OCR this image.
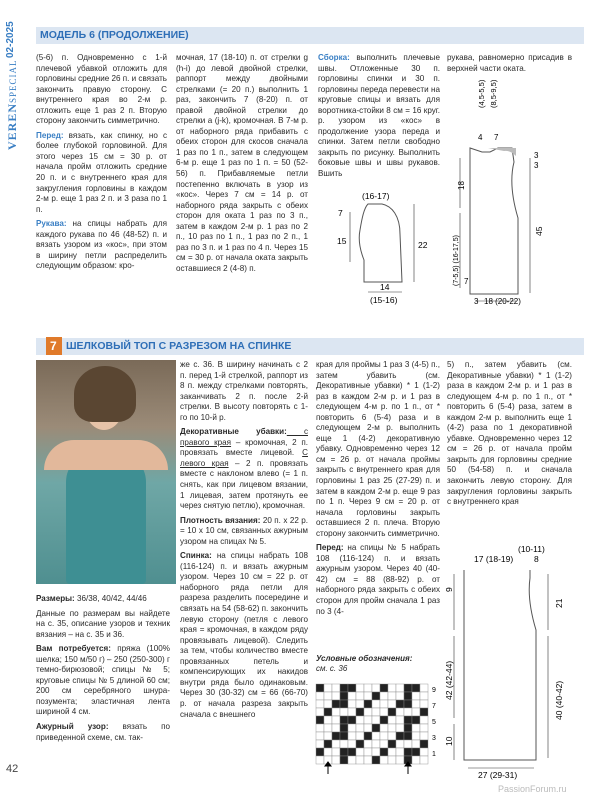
VERENSPECIAL
02-2025
42
PassionForum.ru
МОДЕЛЬ 6 (ПРОДОЛЖЕНИЕ)

(5-6) п. Одновременно с 1-й плечевой убавкой отложить для горловины средние 26 п. и связать закончить правую сторону. С внутреннего края во 2-м р. отложить еще 1 раз 2 п. Вторую сторону закончить симметрично.

Перед: вязать, как спинку, но с более глубокой горловиной. Для этого через 15 см = 30 р. от начала пройм отложить средние 20 п. и с внутреннего края для закругления горловины в каждом 2-м р. еще 1 раз 2 п. и 3 раза по 1 п.

Рукава: на спицы набрать для каждого рукава по 46 (48-52) п. и вязать узором из «кос», при этом в ширину петли распределить следующим образом: кро-

мочная, 17 (18-10) п. от стрелки g (h-i) до левой двойной стрелки, раппорт между двойными стрелками (= 20 п.) выполнить 1 раз, закончить 7 (8-20) п. от правой двойной стрелки до стрелки а (j-k), кромочная. В 7-м р. от наборного ряда прибавить с обеих сторон для скосов сначала 1 раз по 1 п., затем в следующем 6-м р. еще 1 раз по 1 п. = 50 (52-56) п. Прибавляемые петли постепенно включать в узор из «кос». Через 7 см = 14 р. от наборного ряда закрыть с обеих сторон для оката 1 раз по 3 п., затем в каждом 2-м р. 1 раз по 2 п., 10 раз по 1 п., 1 раз по 2 п., 1 раз по 3 п. и 1 раз по 4 п. Через 15 см = 30 р. от начала оката закрыть оставшиеся 2 (4-8) п.

Сборка: выполнить плечевые швы. Отложенные 30 п. горловины спинки и 30 п. горловины переда перевести на круговые спицы и вязать для воротника-стойки 8 см = 16 круг. р. узором из «кос» в продолжение узора переда и спинки. Затем петли свободно закрыть по рисунку. Выполнить боковые швы и швы рукавов. Вшить

рукава, равномерно присадив в верхней части оката.

(16-17)
7
15	22
14
(15-16)
(4,5-5,5) (8,5-9,5)
4 7
3
3
18
(7-5,5) (16-17,5) 7
45
3 18 (20-22)
7 ШЕЛКОВЫЙ ТОП С РАЗРЕЗОМ НА СПИНКЕ

Размеры: 36/38, 40/42, 44/46

Данные по размерам вы найдете на с. 35, описание узоров и техник вязания – на с. 35 и 36.

Вам потребуется: пряжа (100% шелка; 150 м/50 г) – 250 (250-300) г темно-бирюзовой; спицы № 5; круговые спицы № 5 длиной 60 см; 200 см серебряного шнура-позумента; эластичная лента шириной 4 см.

Ажурный узор: вязать по приведенной схеме, см. так-

же с. 36. В ширину начинать с 2 п. перед 1-й стрелкой, раппорт из 8 п. между стрелками повторять, заканчивать 2 п. после 2-й стрелки. В высоту повторять с 1-го по 10-й р.

Декоративные убавки: с правого края – кромочная, 2 п. провязать вместе лицевой. С левого края – 2 п. провязать вместе с наклоном влево (= 1 п. снять, как при лицевом вязании, 1 лицевая, затем протянуть ее через снятую петлю), кромочная.

Плотность вязания: 20 п. х 22 р. = 10 х 10 см, связанных ажурным узором на спицах № 5.

Спинка: на спицы набрать 108 (116-124) п. и вязать ажурным узором. Через 10 см = 22 р. от наборного ряда петли для разреза разделить посередине и связать на 54 (58-62) п. закончить левую сторону (петля с левого края = кромочная, в каждом ряду провязывать лицевой). Следить за тем, чтобы количество вместе провязанных петель и компенсирующих их накидов внутри ряда было одинаковым. Через 30 (30-32) см = 66 (66-70) р. от начала разреза закрыть сначала с внешнего

края для проймы 1 раз 3 (4-5) п., затем убавить (см. Декоративные убавки) * 1 (1-2) раз в каждом 2-м р. и 1 раз в следующем 4-м р. по 1 п., от * повторить 6 (5-4) раза и в следующем 2-м р. выполнить еще 1 (4-2) декоративную убавку. Одновременно через 12 см = 26 р. от начала проймы закрыть с внутреннего края для горловины 1 раз 25 (27-29) п. и затем в каждом 2-м р. еще 9 раз по 1 п. Через 9 см = 20 р. от начала горловины закрыть оставшиеся 2 п. плеча. Вторую сторону закончить симметрично.

Перед: на спицы № 5 набрать 108 (116-124) п. и вязать ажурным узором. Через 40 (40-42) см = 88 (88-92) р. от наборного ряда закрыть с обеих сторон для пройм сначала 1 раз по 3 (4-

Условные обозначения:
см. с. 36
9
7
5
3
1

5) п., затем убавить (см. Декоративные убавки) * 1 (1-2) раза в каждом 2-м р. и 1 раз в следующем 4-м р. по 1 п., от * повторить 6 (5-4) раза, затем в каждом 2-м р. выполнить еще 1 (4-2) раза по 1 декоративной убавке. Одновременно через 12 см = 26 р. от начала пройм закрыть для горловины средние 50 (54-58) п. и сначала закончить левую сторону. Для закругления горловины закрыть с внутреннего края

(10-11)
17 (18-19) 8
9
42 (42-44)
10
21
40 (40-42)
27 (29-31)
